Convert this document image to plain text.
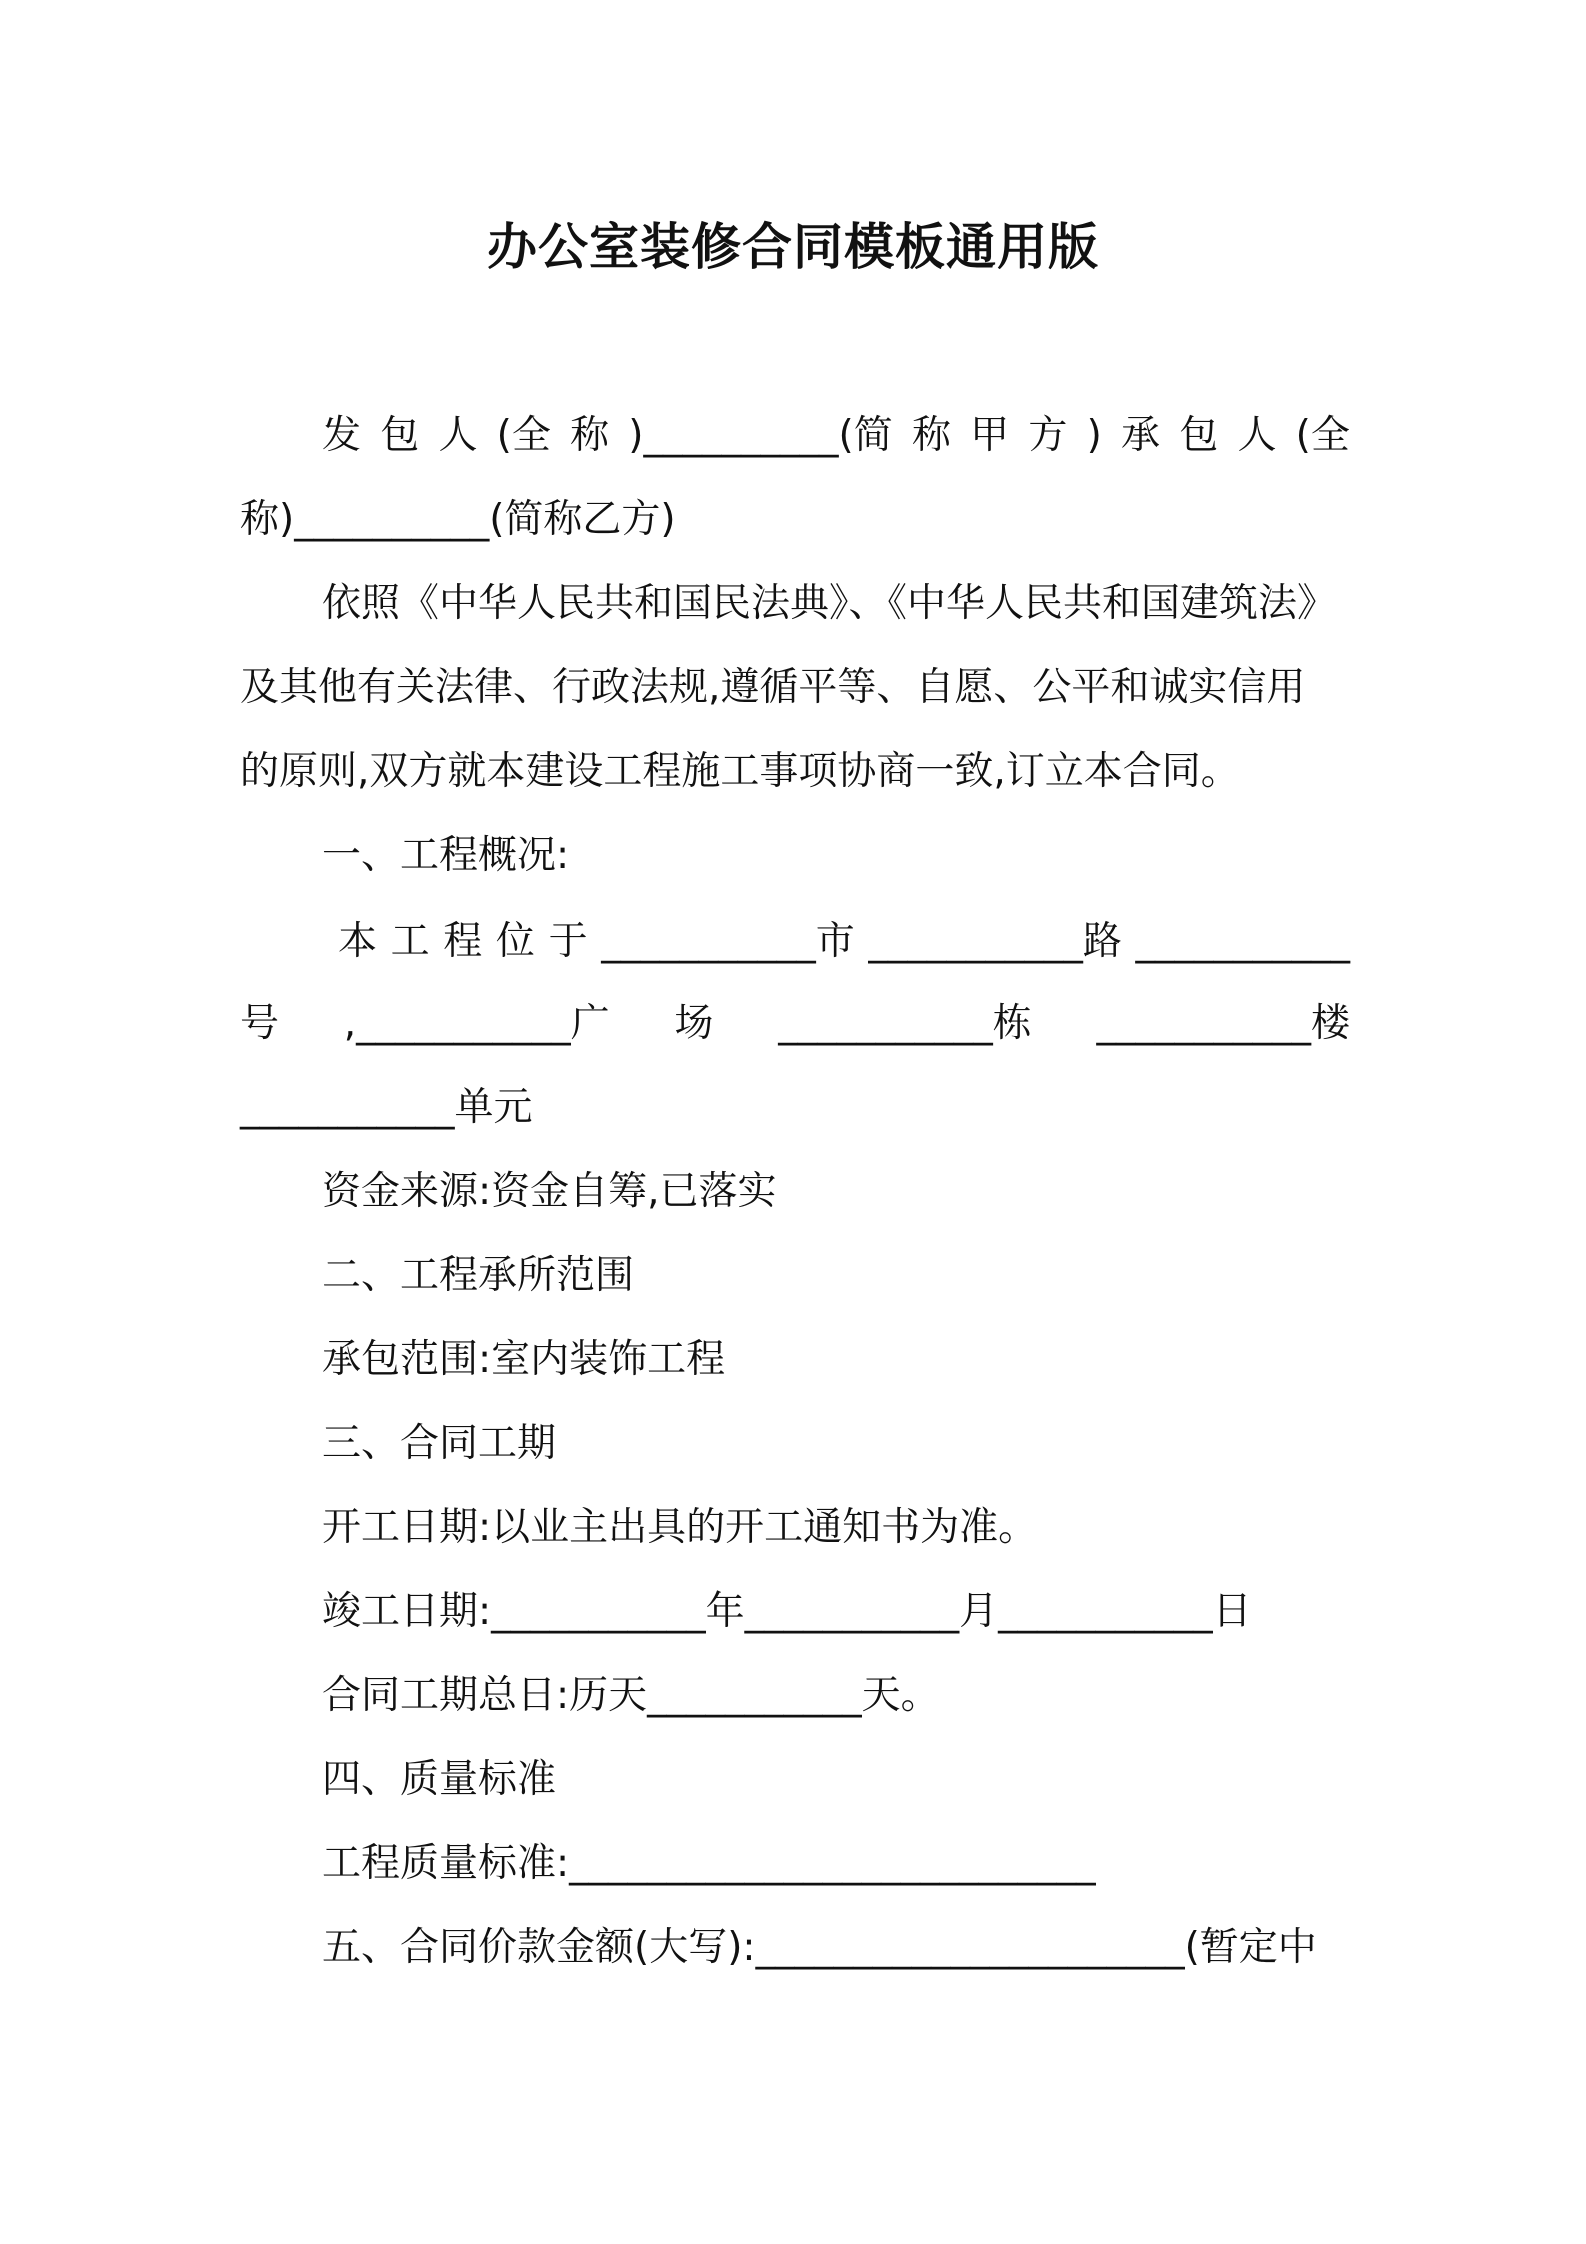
办公室装修合同模板通用版
发 包 人 (全 称 )__________(简 称 甲 方 ) 承 包 人 (全
称)__________(简称乙方)
依照《中华人民共和国民法典》、《中华人民共和国建筑法》
及其他有关法律、行政法规,遵循平等、自愿、公平和诚实信用
的原则,双方就本建设工程施工事项协商一致,订立本合同。
一、工程概况:
本 工 程 位 于 ___________市 ___________路 ___________
号 ,___________广 场 ___________栋 ___________楼
___________单元
资金来源:资金自筹,已落实
二、工程承所范围
承包范围:室内装饰工程
三、合同工期
开工日期:以业主出具的开工通知书为准。
竣工日期:___________年___________月___________日
合同工期总日:历天___________天。
四、质量标准
工程质量标准:___________________________
五、合同价款金额(大写):______________________(暂定中
